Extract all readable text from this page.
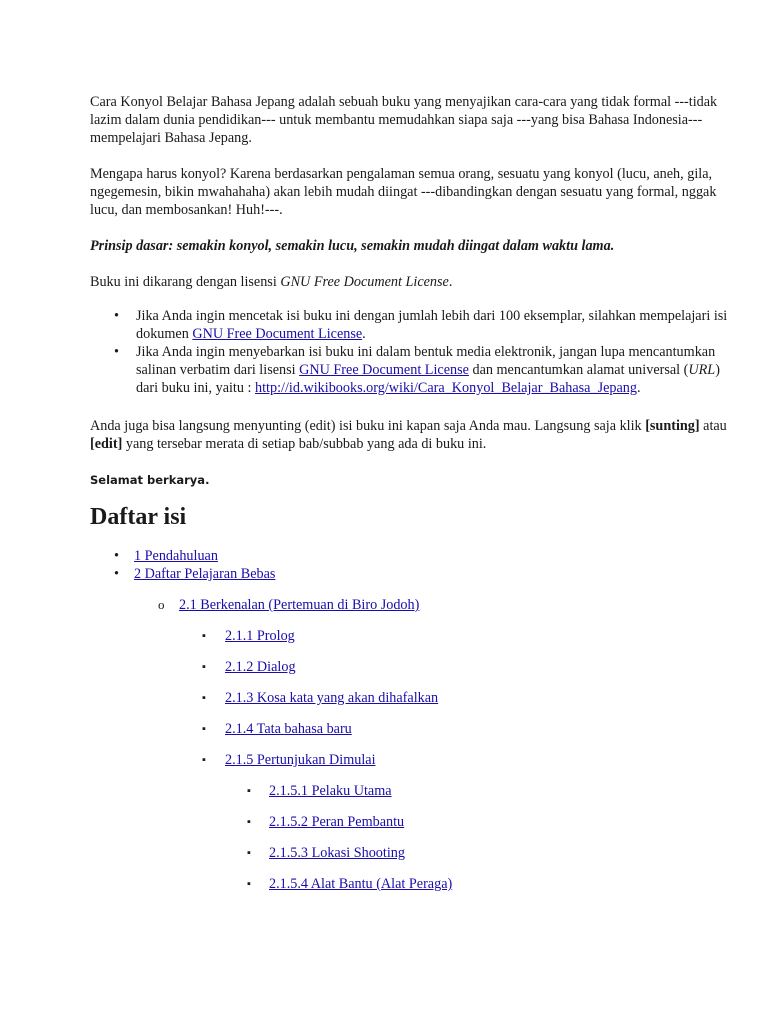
Cara Konyol Belajar Bahasa Jepang adalah sebuah buku yang menyajikan cara-cara yang tidak formal ---tidak lazim dalam dunia pendidikan--- untuk membantu memudahkan siapa saja ---yang bisa Bahasa Indonesia--- mempelajari Bahasa Jepang.

Mengapa harus konyol? Karena berdasarkan pengalaman semua orang, sesuatu yang konyol (lucu, aneh, gila, ngegemesin, bikin mwahahaha) akan lebih mudah diingat ---dibandingkan dengan sesuatu yang formal, nggak lucu, dan membosankan! Huh!---.

Prinsip dasar: semakin konyol, semakin lucu, semakin mudah diingat dalam waktu lama.

Buku ini dikarang dengan lisensi GNU Free Document License.

• Jika Anda ingin mencetak isi buku ini dengan jumlah lebih dari 100 eksemplar, silahkan mempelajari isi dokumen GNU Free Document License.
• Jika Anda ingin menyebarkan isi buku ini dalam bentuk media elektronik, jangan lupa mencantumkan salinan verbatim dari lisensi GNU Free Document License dan mencantumkan alamat universal (URL) dari buku ini, yaitu : http://id.wikibooks.org/wiki/Cara_Konyol_Belajar_Bahasa_Jepang.

Anda juga bisa langsung menyunting (edit) isi buku ini kapan saja Anda mau. Langsung saja klik [sunting] atau [edit] yang tersebar merata di setiap bab/subbab yang ada di buku ini.

Selamat berkarya.

Daftar isi
• 1 Pendahuluan
• 2 Daftar Pelajaran Bebas
o 2.1 Berkenalan (Pertemuan di Biro Jodoh)
▪ 2.1.1 Prolog
▪ 2.1.2 Dialog
▪ 2.1.3 Kosa kata yang akan dihafalkan
▪ 2.1.4 Tata bahasa baru
▪ 2.1.5 Pertunjukan Dimulai
▪ 2.1.5.1 Pelaku Utama
▪ 2.1.5.2 Peran Pembantu
▪ 2.1.5.3 Lokasi Shooting
▪ 2.1.5.4 Alat Bantu (Alat Peraga)
